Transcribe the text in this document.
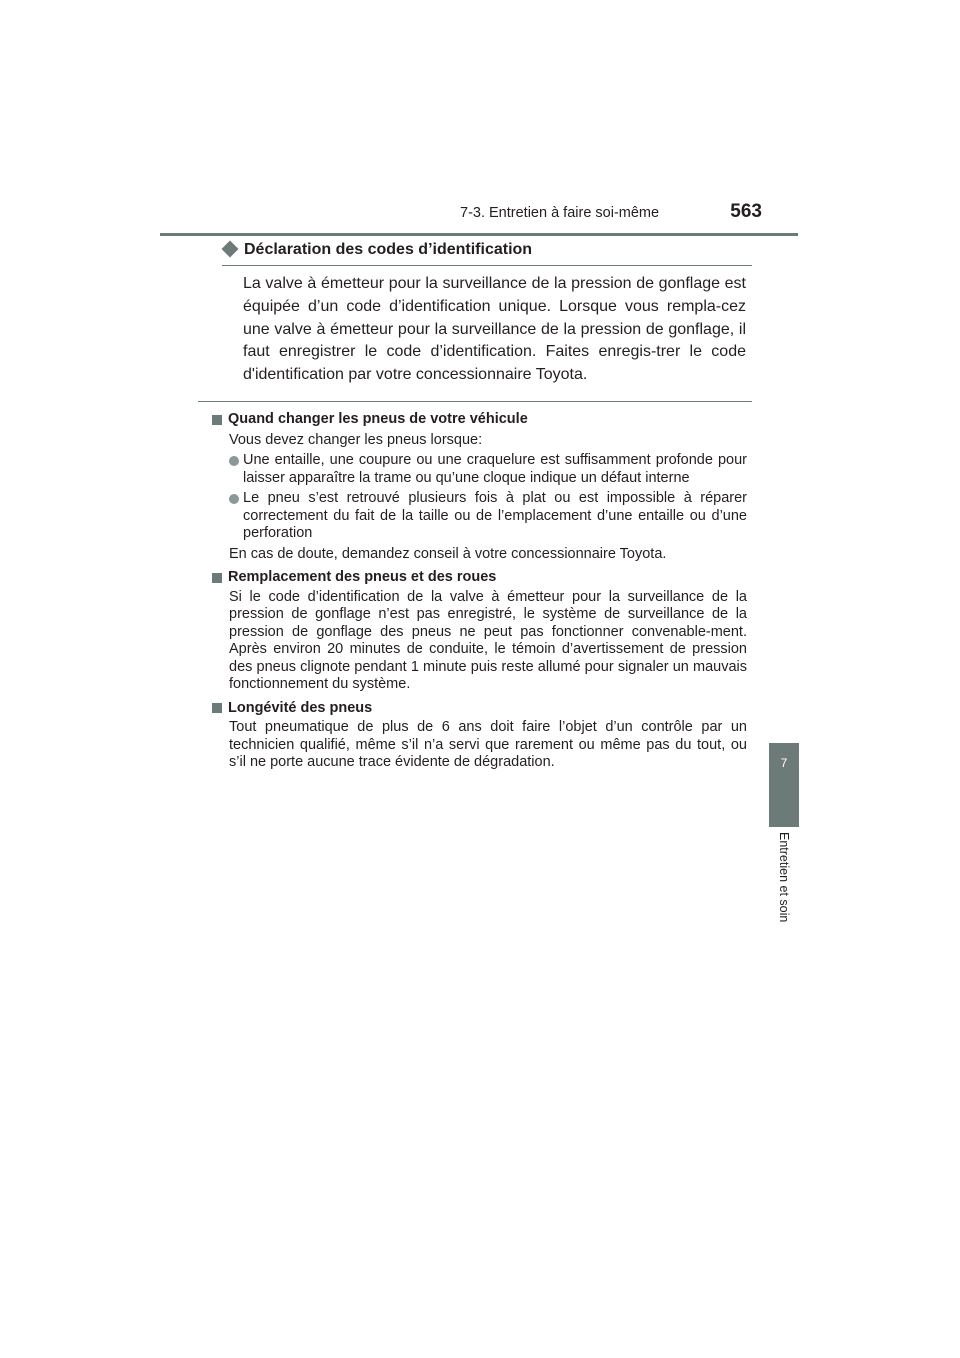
7-3. Entretien à faire soi-même	563
7
Entretien et soin
Déclaration des codes d’identification
La valve à émetteur pour la surveillance de la pression de gonflage est équipée d’un code d’identification unique. Lorsque vous rempla-cez une valve à émetteur pour la surveillance de la pression de gonflage, il faut enregistrer le code d’identification. Faites enregis-trer le code d'identification par votre concessionnaire Toyota.

Quand changer les pneus de votre véhicule

Vous devez changer les pneus lorsque:
Une entaille, une coupure ou une craquelure est suffisamment profonde pour laisser apparaître la trame ou qu’une cloque indique un défaut interne
Le pneu s’est retrouvé plusieurs fois à plat ou est impossible à réparer correctement du fait de la taille ou de l’emplacement d’une entaille ou d’une perforation
En cas de doute, demandez conseil à votre concessionnaire Toyota.

Remplacement des pneus et des roues

Si le code d’identification de la valve à émetteur pour la surveillance de la pression de gonflage n’est pas enregistré, le système de surveillance de la pression de gonflage des pneus ne peut pas fonctionner convenable-ment. Après environ 20 minutes de conduite, le témoin d’avertissement de pression des pneus clignote pendant 1 minute puis reste allumé pour signaler un mauvais fonctionnement du système.

Longévité des pneus

Tout pneumatique de plus de 6 ans doit faire l’objet d’un contrôle par un technicien qualifié, même s’il n’a servi que rarement ou même pas du tout, ou s’il ne porte aucune trace évidente de dégradation.
